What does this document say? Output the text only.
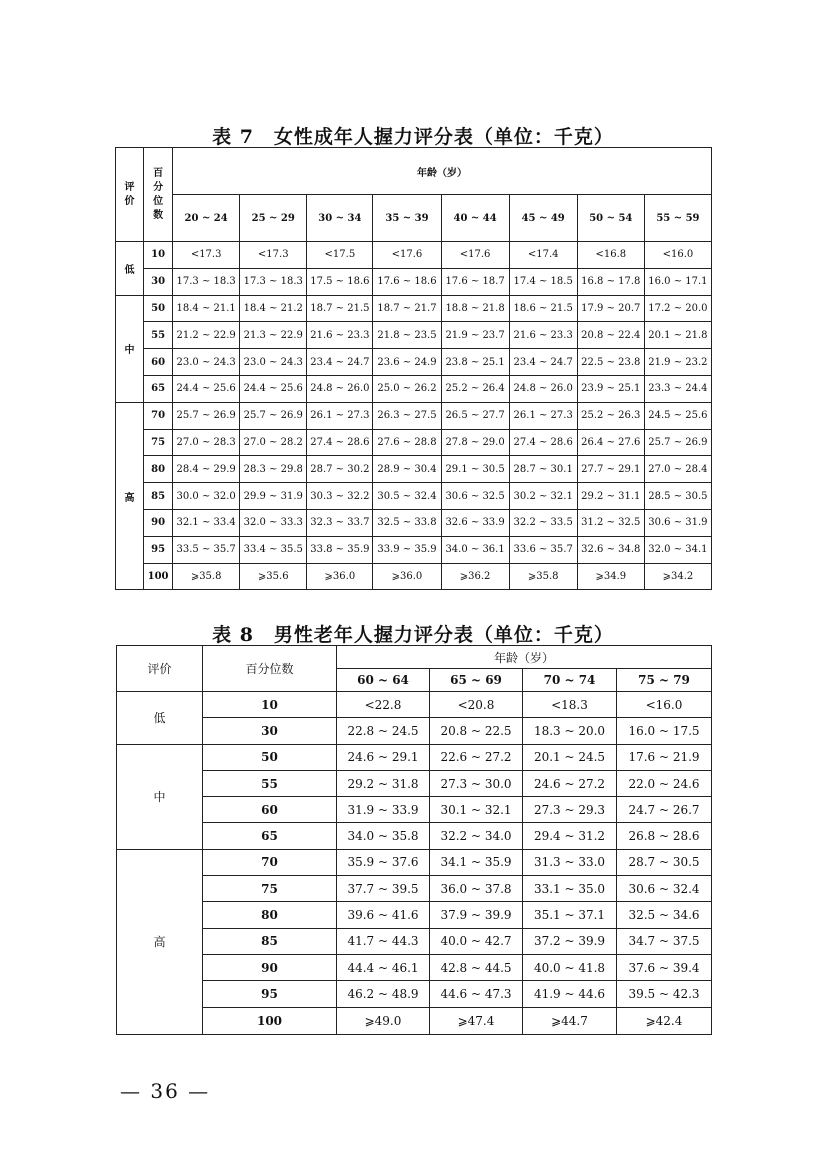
表 7　女性成年人握力评分表（单位：千克）
评
价	百
分
位
数	年龄（岁）							
		20 ~ 24	25 ~ 29	30 ~ 34	35 ~ 39	40 ~ 44	45 ~ 49	50 ~ 54	55 ~ 59
低	10	<17.3	<17.3	<17.5	<17.6	<17.6	<17.4	<16.8	<16.0
	30	17.3 ~ 18.3	17.3 ~ 18.3	17.5 ~ 18.6	17.6 ~ 18.6	17.6 ~ 18.7	17.4 ~ 18.5	16.8 ~ 17.8	16.0 ~ 17.1
中	50	18.4 ~ 21.1	18.4 ~ 21.2	18.7 ~ 21.5	18.7 ~ 21.7	18.8 ~ 21.8	18.6 ~ 21.5	17.9 ~ 20.7	17.2 ~ 20.0
	55	21.2 ~ 22.9	21.3 ~ 22.9	21.6 ~ 23.3	21.8 ~ 23.5	21.9 ~ 23.7	21.6 ~ 23.3	20.8 ~ 22.4	20.1 ~ 21.8
	60	23.0 ~ 24.3	23.0 ~ 24.3	23.4 ~ 24.7	23.6 ~ 24.9	23.8 ~ 25.1	23.4 ~ 24.7	22.5 ~ 23.8	21.9 ~ 23.2
	65	24.4 ~ 25.6	24.4 ~ 25.6	24.8 ~ 26.0	25.0 ~ 26.2	25.2 ~ 26.4	24.8 ~ 26.0	23.9 ~ 25.1	23.3 ~ 24.4
高	70	25.7 ~ 26.9	25.7 ~ 26.9	26.1 ~ 27.3	26.3 ~ 27.5	26.5 ~ 27.7	26.1 ~ 27.3	25.2 ~ 26.3	24.5 ~ 25.6
	75	27.0 ~ 28.3	27.0 ~ 28.2	27.4 ~ 28.6	27.6 ~ 28.8	27.8 ~ 29.0	27.4 ~ 28.6	26.4 ~ 27.6	25.7 ~ 26.9
	80	28.4 ~ 29.9	28.3 ~ 29.8	28.7 ~ 30.2	28.9 ~ 30.4	29.1 ~ 30.5	28.7 ~ 30.1	27.7 ~ 29.1	27.0 ~ 28.4
	85	30.0 ~ 32.0	29.9 ~ 31.9	30.3 ~ 32.2	30.5 ~ 32.4	30.6 ~ 32.5	30.2 ~ 32.1	29.2 ~ 31.1	28.5 ~ 30.5
	90	32.1 ~ 33.4	32.0 ~ 33.3	32.3 ~ 33.7	32.5 ~ 33.8	32.6 ~ 33.9	32.2 ~ 33.5	31.2 ~ 32.5	30.6 ~ 31.9
	95	33.5 ~ 35.7	33.4 ~ 35.5	33.8 ~ 35.9	33.9 ~ 35.9	34.0 ~ 36.1	33.6 ~ 35.7	32.6 ~ 34.8	32.0 ~ 34.1
	100	⩾35.8	⩾35.6	⩾36.0	⩾36.0	⩾36.2	⩾35.8	⩾34.9	⩾34.2
表 8　男性老年人握力评分表（单位：千克）
评价	百分位数	年龄（岁）			
		60 ~ 64	65 ~ 69	70 ~ 74	75 ~ 79
低	10	<22.8	<20.8	<18.3	<16.0
	30	22.8 ~ 24.5	20.8 ~ 22.5	18.3 ~ 20.0	16.0 ~ 17.5
中	50	24.6 ~ 29.1	22.6 ~ 27.2	20.1 ~ 24.5	17.6 ~ 21.9
	55	29.2 ~ 31.8	27.3 ~ 30.0	24.6 ~ 27.2	22.0 ~ 24.6
	60	31.9 ~ 33.9	30.1 ~ 32.1	27.3 ~ 29.3	24.7 ~ 26.7
	65	34.0 ~ 35.8	32.2 ~ 34.0	29.4 ~ 31.2	26.8 ~ 28.6
高	70	35.9 ~ 37.6	34.1 ~ 35.9	31.3 ~ 33.0	28.7 ~ 30.5
	75	37.7 ~ 39.5	36.0 ~ 37.8	33.1 ~ 35.0	30.6 ~ 32.4
	80	39.6 ~ 41.6	37.9 ~ 39.9	35.1 ~ 37.1	32.5 ~ 34.6
	85	41.7 ~ 44.3	40.0 ~ 42.7	37.2 ~ 39.9	34.7 ~ 37.5
	90	44.4 ~ 46.1	42.8 ~ 44.5	40.0 ~ 41.8	37.6 ~ 39.4
	95	46.2 ~ 48.9	44.6 ~ 47.3	41.9 ~ 44.6	39.5 ~ 42.3
	100	⩾49.0	⩾47.4	⩾44.7	⩾42.4
— 36 —
